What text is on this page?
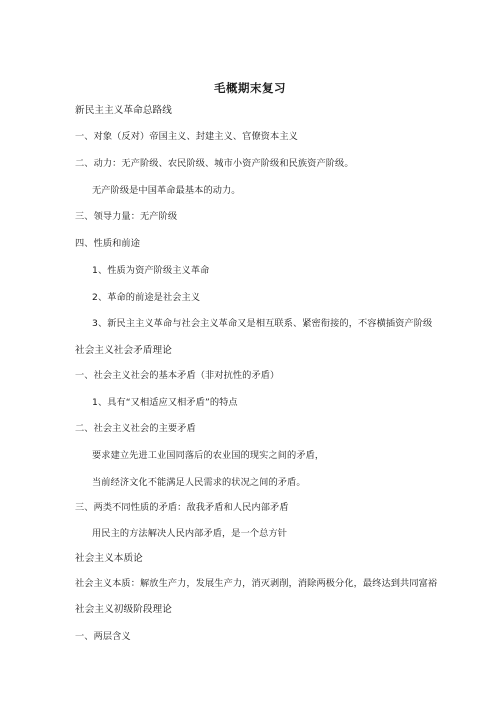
毛概期末复习
新民主主义革命总路线
一、对象（反对）帝国主义、封建主义、官僚资本主义
二、动力：无产阶级、农民阶级、城市小资产阶级和民族资产阶级。
无产阶级是中国革命最基本的动力。
三、领导力量：无产阶级
四、性质和前途
1、性质为资产阶级主义革命
2、革命的前途是社会主义
3、新民主主义革命与社会主义革命又是相互联系、紧密衔接的，不容横插资产阶级
社会主义社会矛盾理论
一、社会主义社会的基本矛盾（非对抗性的矛盾）
1、具有“又相适应又相矛盾”的特点
二、社会主义社会的主要矛盾
要求建立先进工业国同落后的农业国的现实之间的矛盾，
当前经济文化不能满足人民需求的状况之间的矛盾。
三、两类不同性质的矛盾：敌我矛盾和人民内部矛盾
用民主的方法解决人民内部矛盾，是一个总方针
社会主义本质论
社会主义本质：解放生产力，发展生产力，消灭剥削，消除两极分化，最终达到共同富裕
社会主义初级阶段理论
一、两层含义
